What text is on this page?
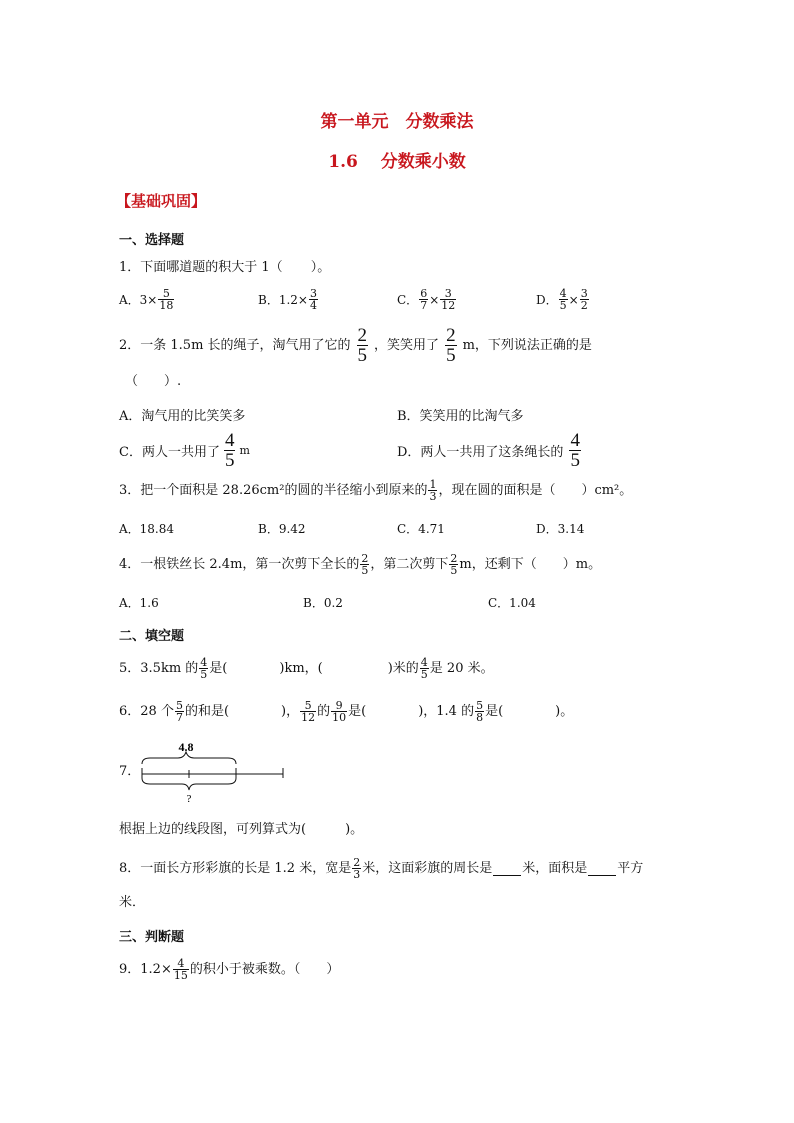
第一单元　分数乘法
1.6　 分数乘小数
【基础巩固】
一、选择题
1．下面哪道题的积大于 1（ ）。
A．$3\times \frac{5}{18}$	B．$1.2\times \frac{3}{4}$	C． $\frac{6}{7} \times \frac{3}{12}$	D． $\frac{4}{5} \times \frac{3}{2}$
2．一条 1.5m 长的绳子，淘气用了它的 $\frac{2}{5}$ ，笑笑用了 $\frac{2}{5}$ m，下列说法正确的是
（　　）.
A．淘气用的比笑笑多	B．笑笑用的比淘气多
C．两人一共用了 $\frac{4}{5}$ m	D．两人一共用了这条绳长的 $\frac{4}{5}$
3．把一个面积是 28.26cm²的圆的半径缩小到原来的 $\frac{1}{3}$ ，现在圆的面积是（　　）cm²。
A．18.84	B．9.42	C．4.71	D．3.14
4．一根铁丝长 2.4m，第一次剪下全长的 $\frac{2}{5}$ ，第二次剪下 $\frac{2}{5}$ m，还剩下（　　）m。
A．1.6	B．0.2	C．1.04
二、填空题
5．3.5km 的 $\frac{4}{5}$ 是(　　　　)km，(　　　　　)米的 $\frac{4}{5}$ 是 20 米。
6．28 个 $\frac{5}{7}$ 的和是(　　　　)， $\frac{5}{12}$ 的 $\frac{9}{10}$ 是(　　　　)，1.4 的 $\frac{5}{8}$ 是(　　　　)。
7．
4.8
?
根据上边的线段图，可列算式为(　　　)。
8．一面长方形彩旗的长是 1.2 米，宽是 $\frac{2}{3}$ 米，这面彩旗的周长是 米，面积是 平方
米．
三、判断题
9．$1.2\times \frac{4}{15}$ 的积小于被乘数。（　　）
